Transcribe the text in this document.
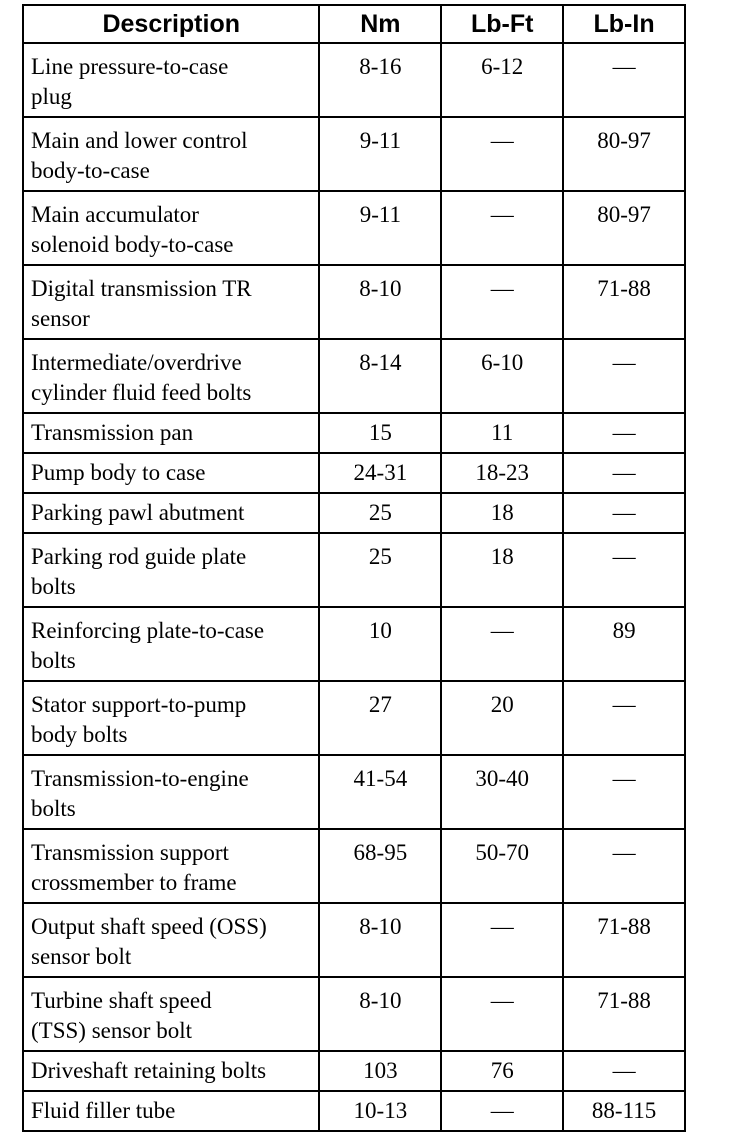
Description	Nm	Lb-Ft	Lb-In
Line pressure-to-case
plug	8-16	6-12	—
Main and lower control
body-to-case	9-11	—	80-97
Main accumulator
solenoid body-to-case	9-11	—	80-97
Digital transmission TR
sensor	8-10	—	71-88
Intermediate/overdrive
cylinder fluid feed bolts	8-14	6-10	—
Transmission pan	15	11	—
Pump body to case	24-31	18-23	—
Parking pawl abutment	25	18	—
Parking rod guide plate
bolts	25	18	—
Reinforcing plate-to-case
bolts	10	—	89
Stator support-to-pump
body bolts	27	20	—
Transmission-to-engine
bolts	41-54	30-40	—
Transmission support
crossmember to frame	68-95	50-70	—
Output shaft speed (OSS)
sensor bolt	8-10	—	71-88
Turbine shaft speed
(TSS) sensor bolt	8-10	—	71-88
Driveshaft retaining bolts	103	76	—
Fluid filler tube	10-13	—	88-115
